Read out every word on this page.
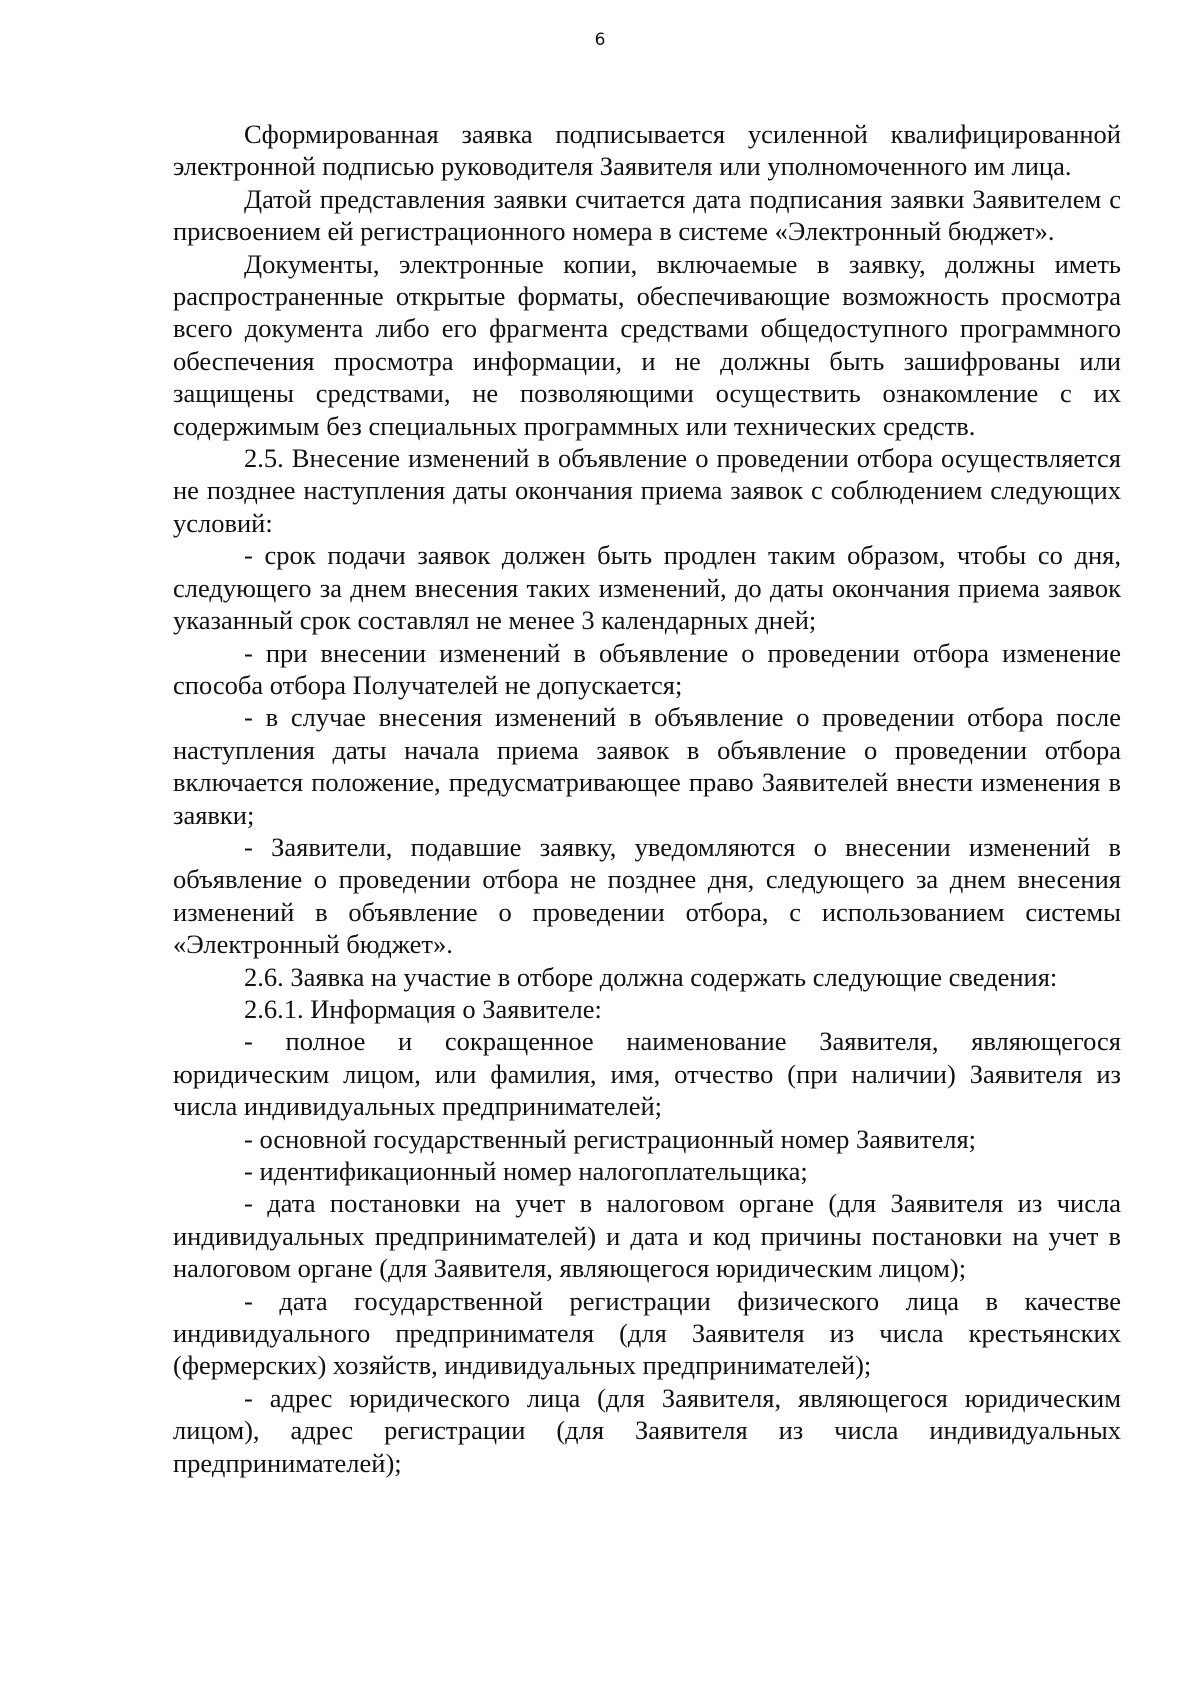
6

Сформированная заявка подписывается усиленной квалифицированной электронной подписью руководителя Заявителя или уполномоченного им лица.

Датой представления заявки считается дата подписания заявки Заявителем с присвоением ей регистрационного номера в системе «Электронный бюджет».

Документы, электронные копии, включаемые в заявку, должны иметь распространенные открытые форматы, обеспечивающие возможность просмотра всего документа либо его фрагмента средствами общедоступного программного обеспечения просмотра информации, и не должны быть зашифрованы или защищены средствами, не позволяющими осуществить ознакомление с их содержимым без специальных программных или технических средств.

2.5. Внесение изменений в объявление о проведении отбора осуществляется не позднее наступления даты окончания приема заявок с соблюдением следующих условий:

- срок подачи заявок должен быть продлен таким образом, чтобы со дня, следующего за днем внесения таких изменений, до даты окончания приема заявок указанный срок составлял не менее 3 календарных дней;

- при внесении изменений в объявление о проведении отбора изменение способа отбора Получателей не допускается;

- в случае внесения изменений в объявление о проведении отбора после наступления даты начала приема заявок в объявление о проведении отбора включается положение, предусматривающее право Заявителей внести изменения в заявки;

- Заявители, подавшие заявку, уведомляются о внесении изменений в объявление о проведении отбора не позднее дня, следующего за днем внесения изменений в объявление о проведении отбора, с использованием системы «Электронный бюджет».

2.6. Заявка на участие в отборе должна содержать следующие сведения:

2.6.1. Информация о Заявителе:

- полное и сокращенное наименование Заявителя, являющегося юридическим лицом, или фамилия, имя, отчество (при наличии) Заявителя из числа индивидуальных предпринимателей;

- основной государственный регистрационный номер Заявителя;

- идентификационный номер налогоплательщика;

- дата постановки на учет в налоговом органе (для Заявителя из числа индивидуальных предпринимателей) и дата и код причины постановки на учет в налоговом органе (для Заявителя, являющегося юридическим лицом);

- дата государственной регистрации физического лица в качестве индивидуального предпринимателя (для Заявителя из числа крестьянских (фермерских) хозяйств, индивидуальных предпринимателей);

- адрес юридического лица (для Заявителя, являющегося юридическим лицом), адрес регистрации (для Заявителя из числа индивидуальных предпринимателей);
